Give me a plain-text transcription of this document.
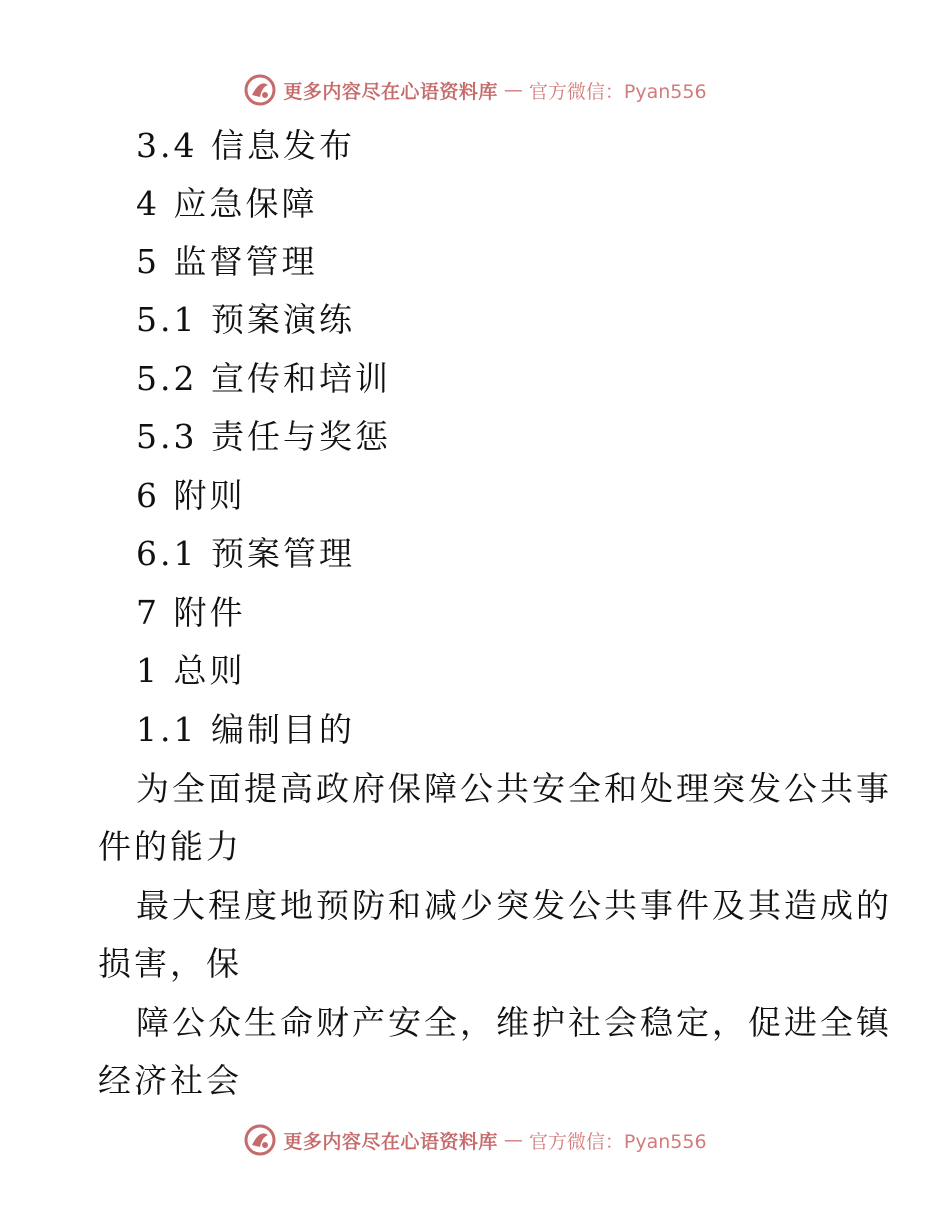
更多内容尽在心语资料库 — 官方微信：Pyan556
3.4 信息发布
4 应急保障
5 监督管理
5.1 预案演练
5.2 宣传和培训
5.3 责任与奖惩
6 附则
6.1 预案管理
7 附件
1 总则
1.1 编制目的
为全面提高政府保障公共安全和处理突发公共事
件的能力
最大程度地预防和减少突发公共事件及其造成的
损害，保
障公众生命财产安全，维护社会稳定，促进全镇
经济社会
更多内容尽在心语资料库 — 官方微信：Pyan556
